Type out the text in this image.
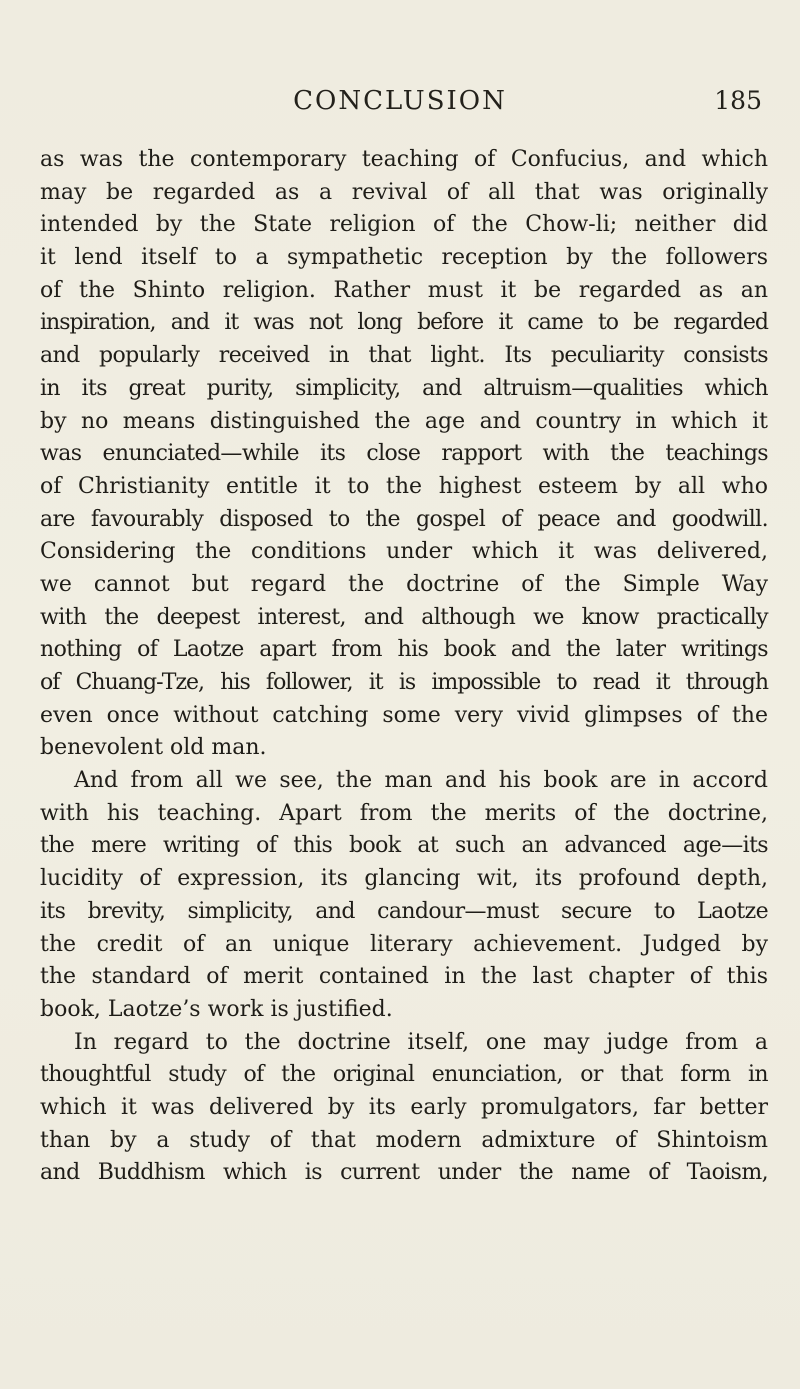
CONCLUSION	185
as was the contemporary teaching of Confucius, and which
may be regarded as a revival of all that was originally
intended by the State religion of the Chow-li; neither did
it lend itself to a sympathetic reception by the followers
of the Shinto religion. Rather must it be regarded as an
inspiration, and it was not long before it came to be regarded
and popularly received in that light. Its peculiarity consists
in its great purity, simplicity, and altruism—qualities which
by no means distinguished the age and country in which it
was enunciated—while its close rapport with the teachings
of Christianity entitle it to the highest esteem by all who
are favourably disposed to the gospel of peace and goodwill.
Considering the conditions under which it was delivered,
we cannot but regard the doctrine of the Simple Way
with the deepest interest, and although we know practically
nothing of Laotze apart from his book and the later writings
of Chuang-Tze, his follower, it is impossible to read it through
even once without catching some very vivid glimpses of the
benevolent old man.
And from all we see, the man and his book are in accord
with his teaching. Apart from the merits of the doctrine,
the mere writing of this book at such an advanced age—its
lucidity of expression, its glancing wit, its profound depth,
its brevity, simplicity, and candour—must secure to Laotze
the credit of an unique literary achievement. Judged by
the standard of merit contained in the last chapter of this
book, Laotze’s work is justified.
In regard to the doctrine itself, one may judge from a
thoughtful study of the original enunciation, or that form in
which it was delivered by its early promulgators, far better
than by a study of that modern admixture of Shintoism
and Buddhism which is current under the name of Taoism,
